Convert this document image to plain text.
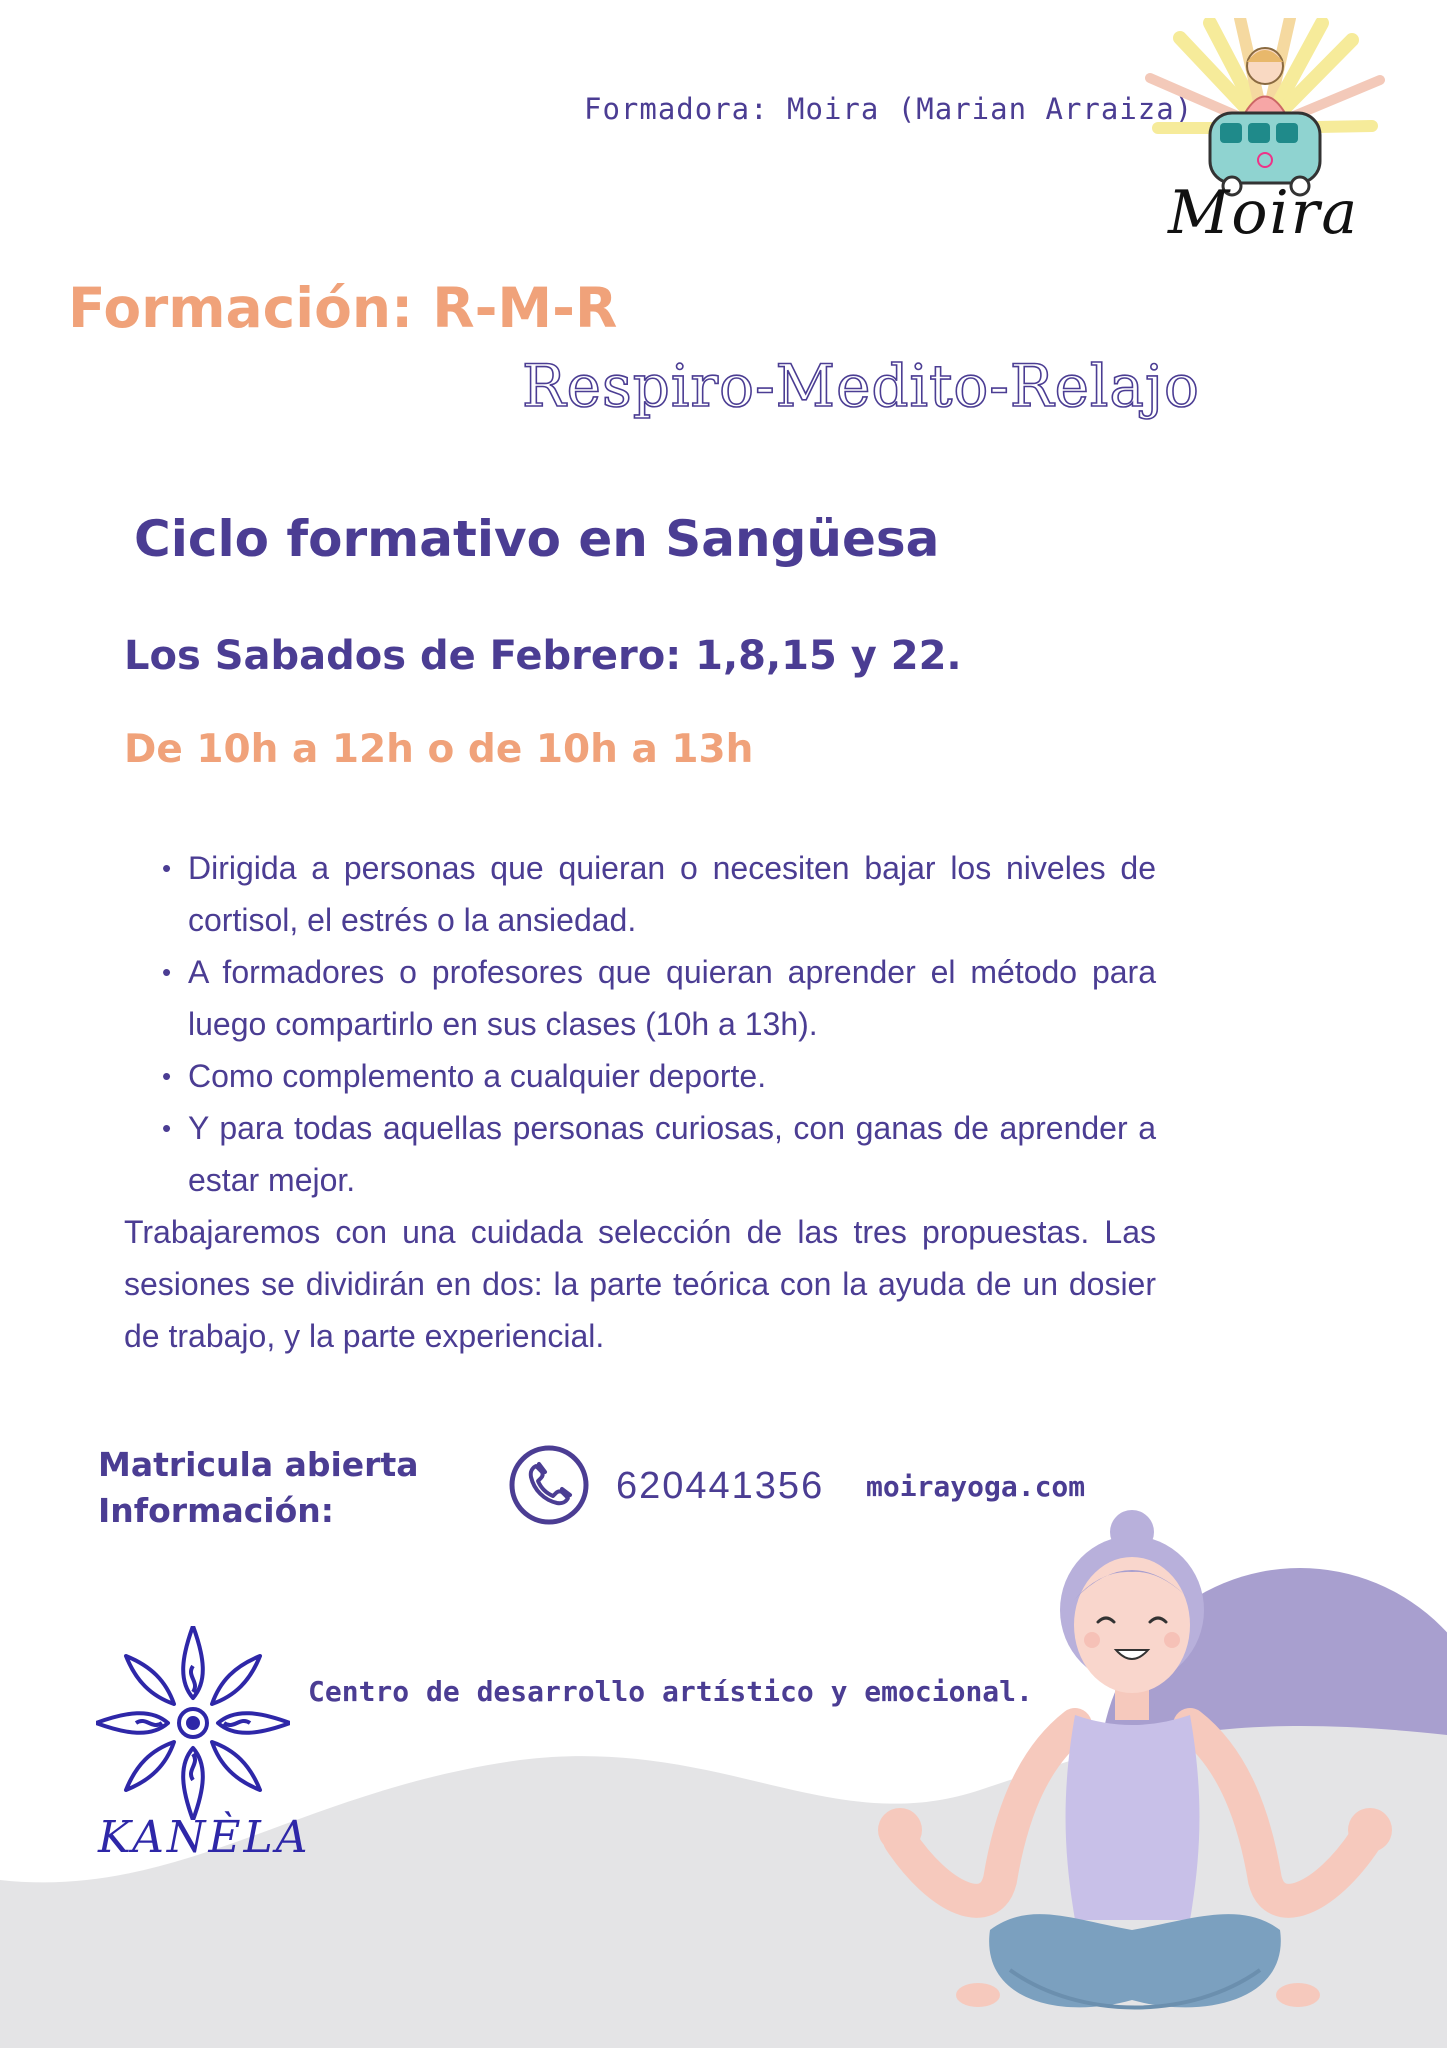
Formadora: Moira (Marian Arraiza)
Moira
Formación: R-M-R
Respiro-Medito-Relajo
Ciclo formativo en Sangüesa
Los Sabados de Febrero: 1,8,15 y 22.
De 10h a 12h o de 10h a 13h
• Dirigida a personas que quieran o necesiten bajar los niveles de cortisol, el estrés o la ansiedad.
• A formadores o profesores que quieran aprender el método para luego compartirlo en sus clases (10h a 13h).
• Como complemento a cualquier deporte.
• Y para todas aquellas personas curiosas, con ganas de aprender a estar mejor.

Trabajaremos con una cuidada selección de las tres propuestas. Las sesiones se dividirán en dos: la parte teórica con la ayuda de un dosier de trabajo, y la parte experiencial.

Matricula abierta
Información:
620441356 moirayoga.com
KANÈLA
Centro de desarrollo artístico y emocional.
